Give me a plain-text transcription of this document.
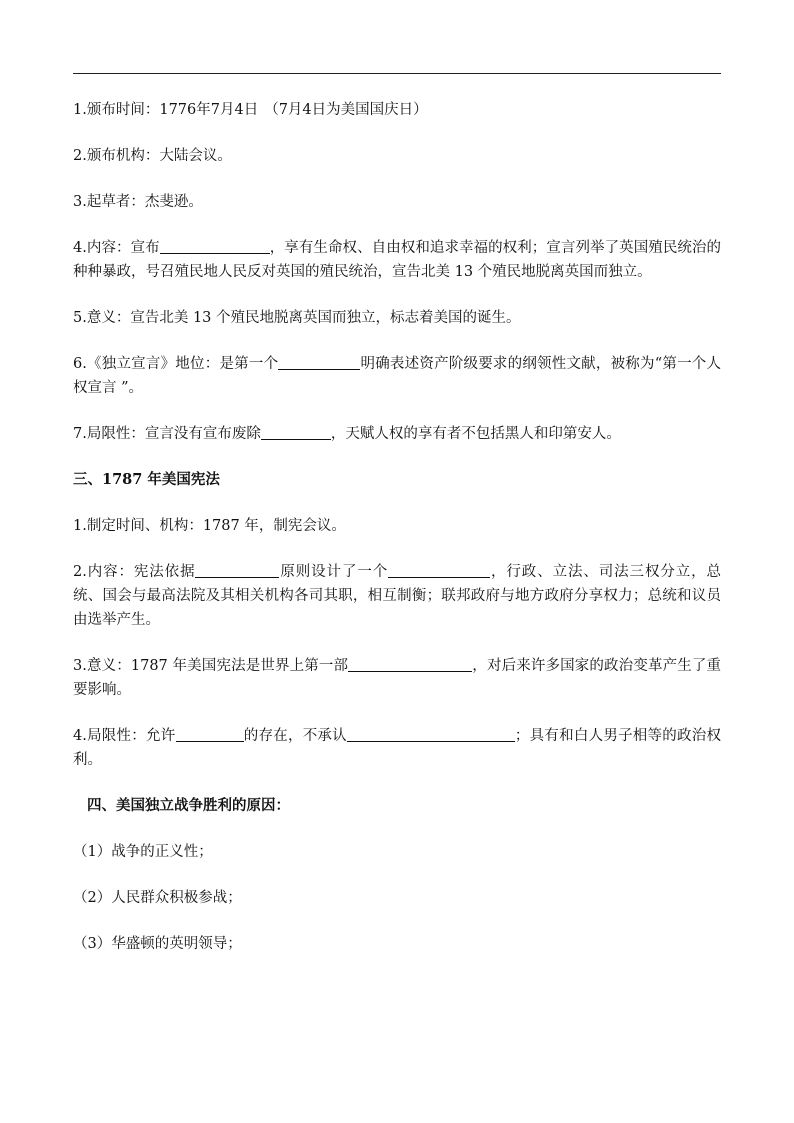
1.颁布时间：1776年7月4日 （7月4日为美国国庆日）

2.颁布机构：大陆会议。

3.起草者：杰斐逊。

4.内容：宣布	，享有生命权、自由权和追求幸福的权利；宣言列举了英国殖民统治的种种暴政，号召殖民地人民反对英国的殖民统治，宣告北美 13 个殖民地脱离英国而独立。

5.意义：宣告北美 13 个殖民地脱离英国而独立，标志着美国的诞生。

6.《独立宣言》地位：是第一个	明确表述资产阶级要求的纲领性文献，被称为“第一个人权宣言 ”。

7.局限性：宣言没有宣布废除	，天赋人权的享有者不包括黑人和印第安人。

三、1787 年美国宪法

1.制定时间、机构：1787 年，制宪会议。

2.内容：宪法依据	原则设计了一个	，行政、立法、司法三权分立，总统、国会与最高法院及其相关机构各司其职，相互制衡；联邦政府与地方政府分享权力；总统和议员由选举产生。

3.意义：1787 年美国宪法是世界上第一部	，对后来许多国家的政治变革产生了重要影响。

4.局限性：允许	的存在，不承认	；具有和白人男子相等的政治权利。

四、美国独立战争胜利的原因：

（1）战争的正义性；

（2）人民群众积极参战；

（3）华盛顿的英明领导；
